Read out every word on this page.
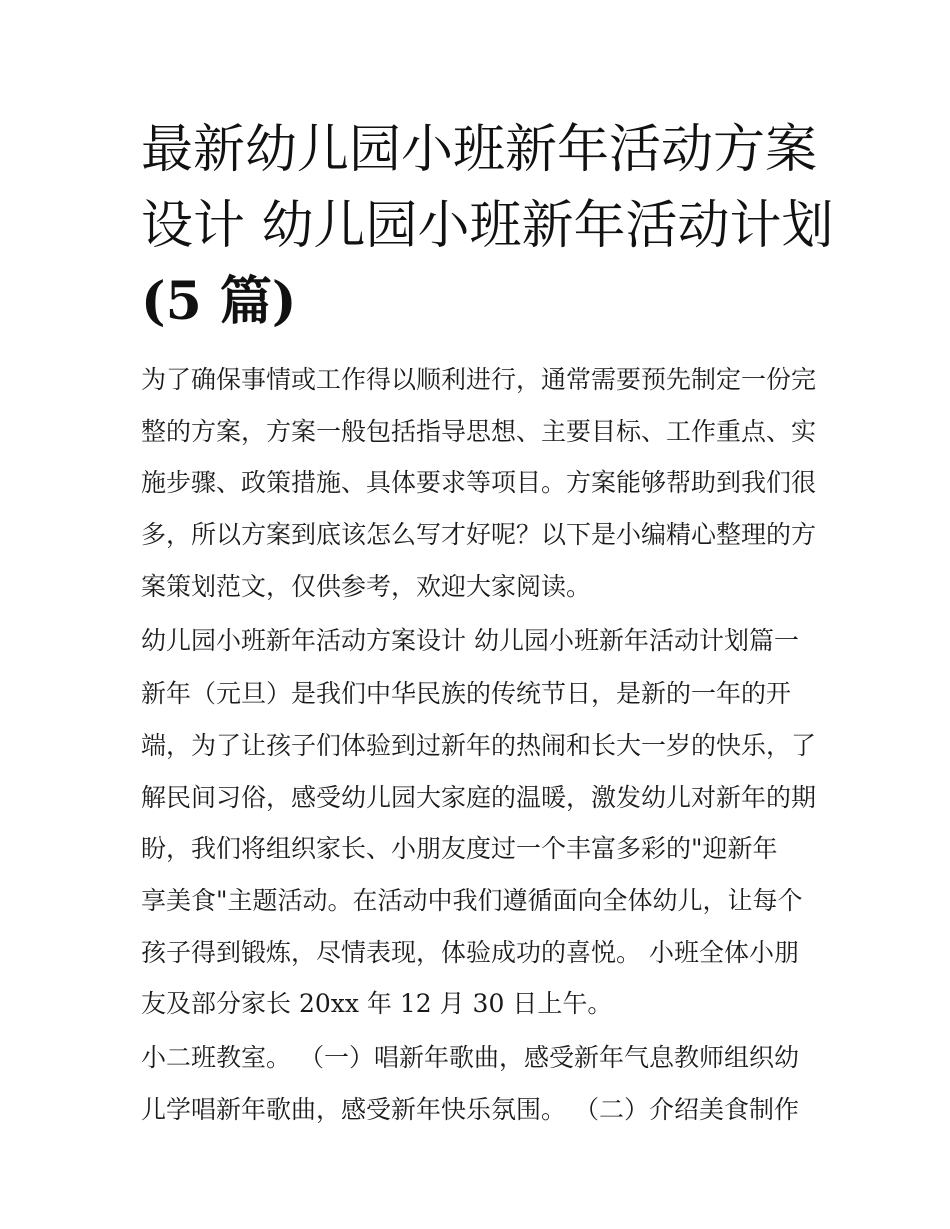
最新幼儿园小班新年活动方案
设计 幼儿园小班新年活动计划
(5 篇)

为了确保事情或工作得以顺利进行，通常需要预先制定一份完
整的方案，方案一般包括指导思想、主要目标、工作重点、实
施步骤、政策措施、具体要求等项目。方案能够帮助到我们很
多，所以方案到底该怎么写才好呢？以下是小编精心整理的方
案策划范文，仅供参考，欢迎大家阅读。

幼儿园小班新年活动方案设计 幼儿园小班新年活动计划篇一

新年（元旦）是我们中华民族的传统节日，是新的一年的开
端，为了让孩子们体验到过新年的热闹和长大一岁的快乐，了
解民间习俗，感受幼儿园大家庭的温暖，激发幼儿对新年的期
盼，我们将组织家长、小朋友度过一个丰富多彩的"迎新年
享美食"主题活动。在活动中我们遵循面向全体幼儿，让每个
孩子得到锻炼，尽情表现，体验成功的喜悦。 小班全体小朋
友及部分家长 20xx 年 12 月 30 日上午。

小二班教室。 （一）唱新年歌曲，感受新年气息教师组织幼
儿学唱新年歌曲，感受新年快乐氛围。 （二）介绍美食制作
